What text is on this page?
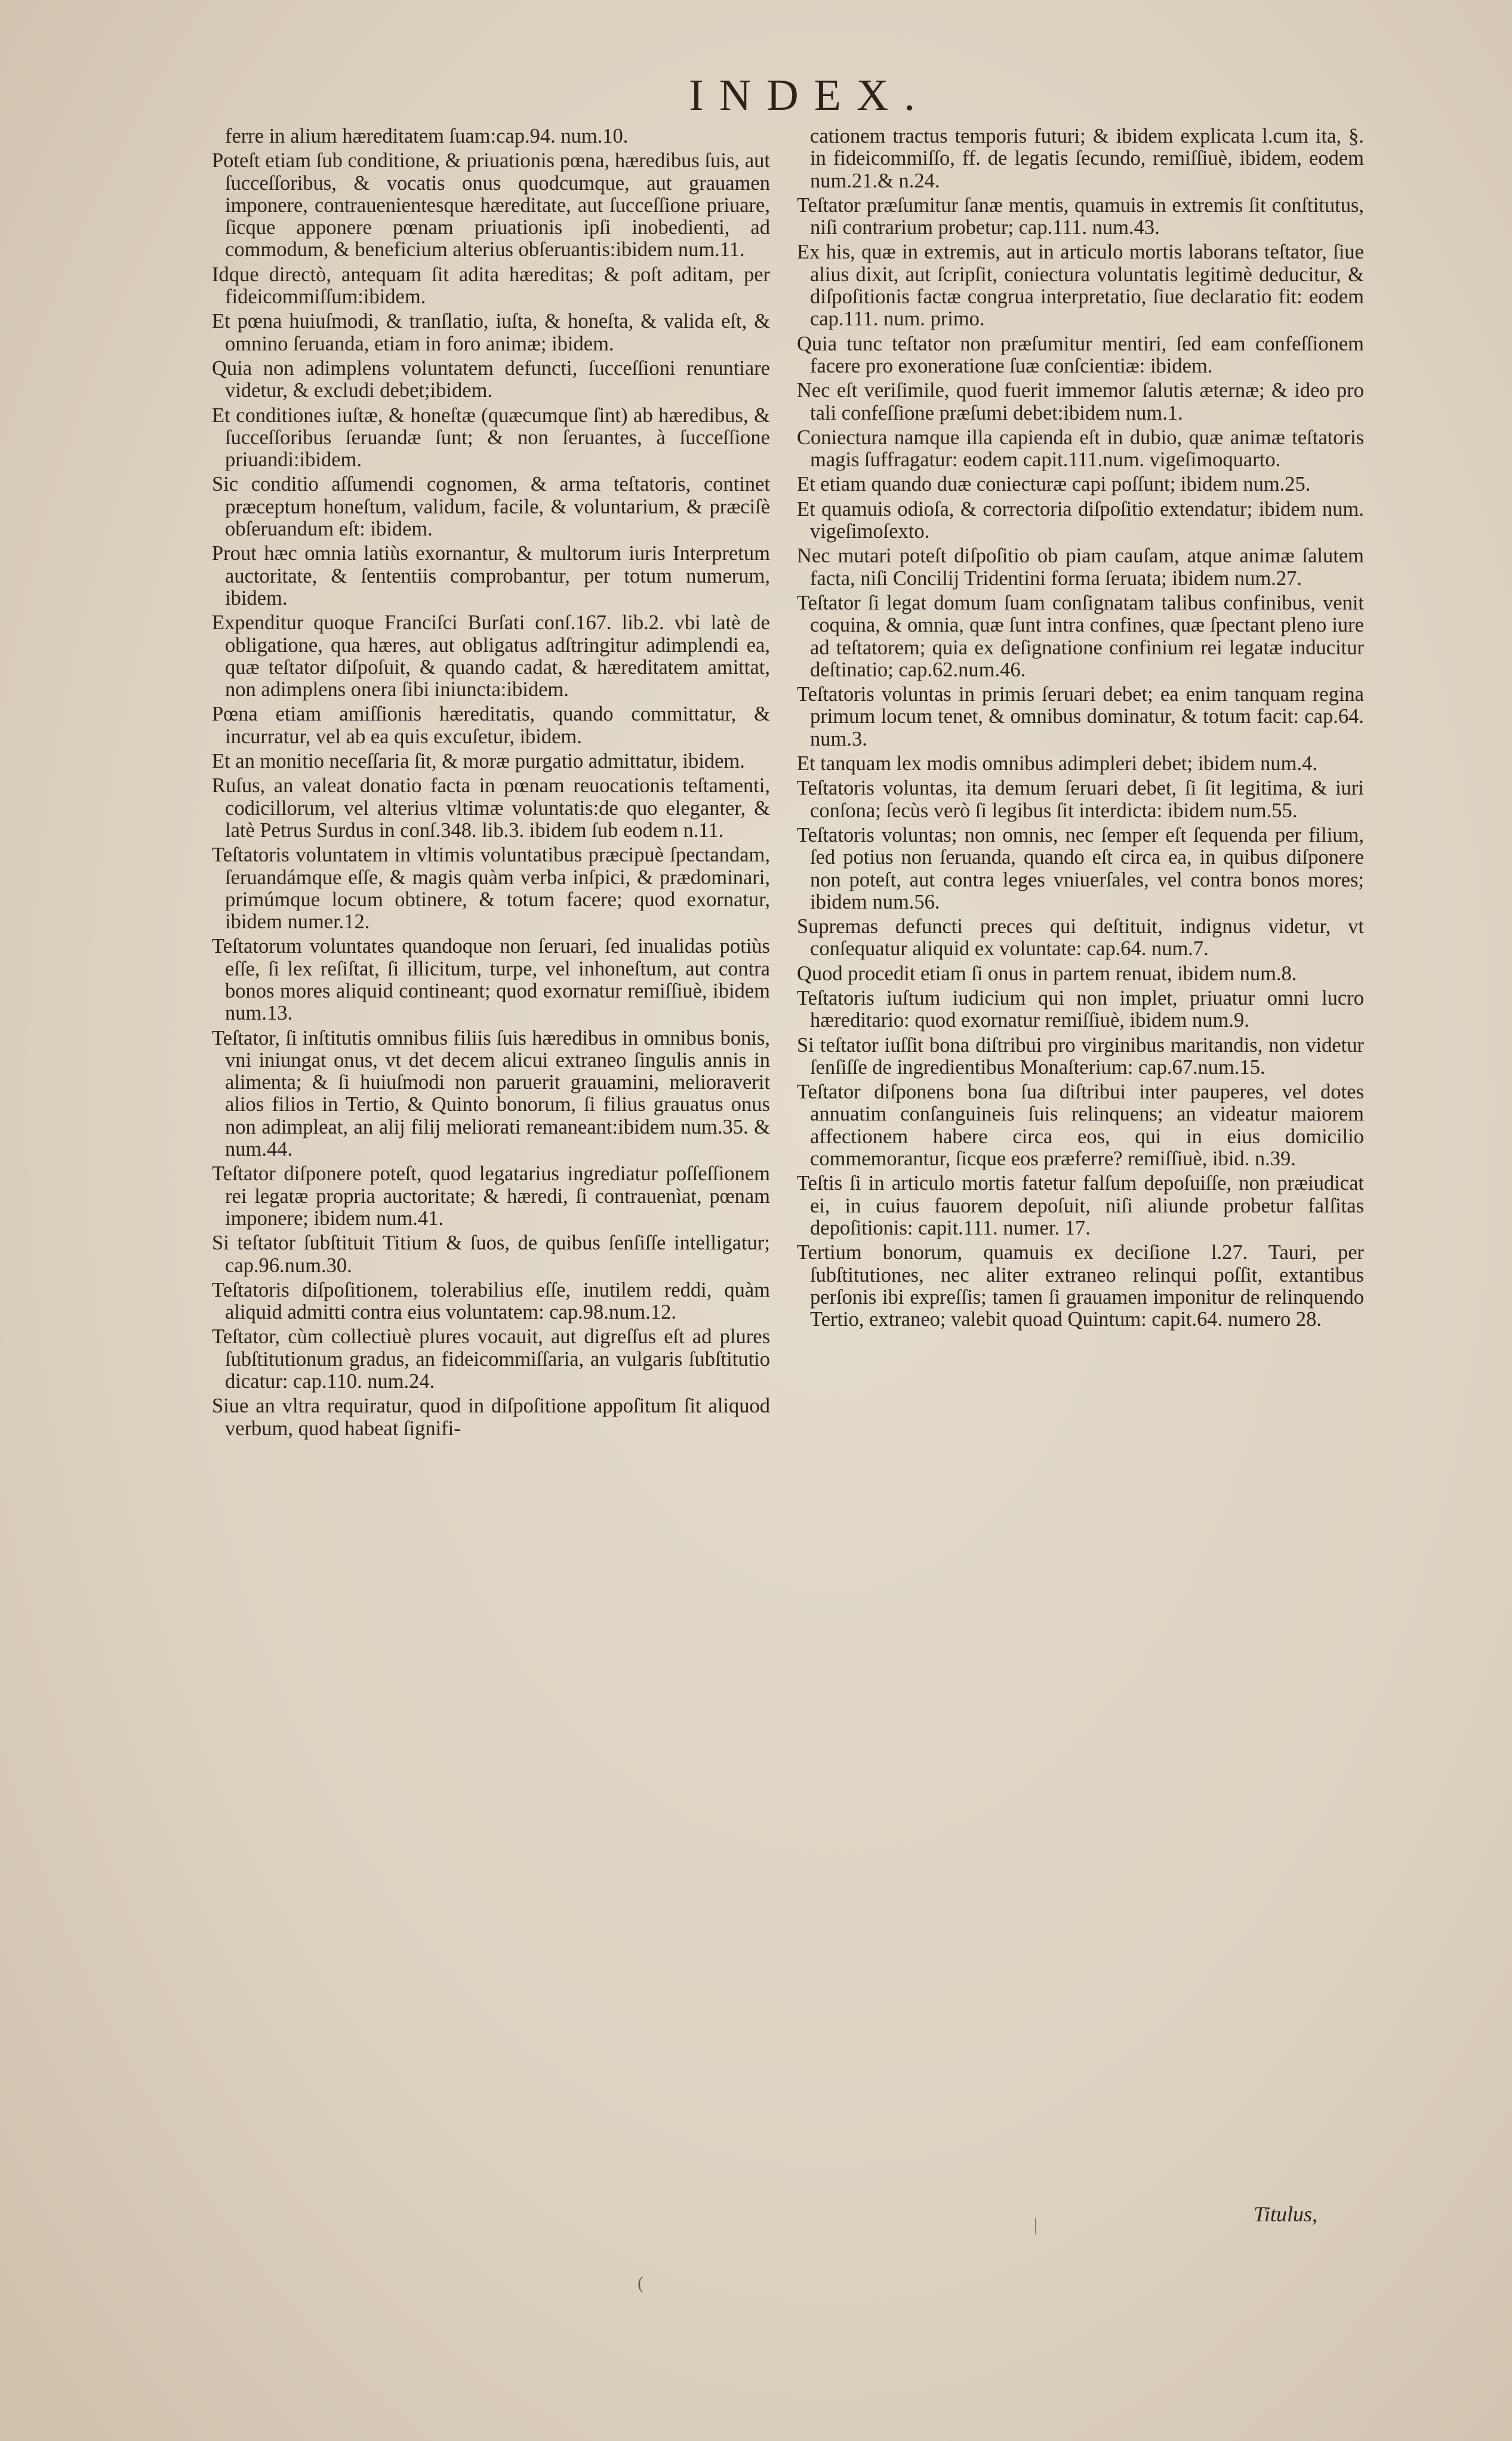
INDEX.

ferre in alium hæreditatem ſuam:cap.94. num.10.

Poteſt etiam ſub conditione, & priuationis pœna, hæredibus ſuis, aut ſucceſſoribus, & vocatis onus quodcumque, aut grauamen imponere, contrauenientesque hæreditate, aut ſucceſſione priuare, ſicque apponere pœnam priuationis ipſi inobedienti, ad commodum, & beneficium alterius obſeruantis:ibidem num.11.

Idque directò, antequam ſit adita hæreditas; & poſt aditam, per fideicommiſſum:ibidem.

Et pœna huiuſmodi, & tranſlatio, iuſta, & honeſta, & valida eſt, & omnino ſeruanda, etiam in foro animæ; ibidem.

Quia non adimplens voluntatem defuncti, ſucceſſioni renuntiare videtur, & excludi debet;ibidem.

Et conditiones iuſtæ, & honeſtæ (quæcumque ſint) ab hæredibus, & ſucceſſoribus ſeruandæ ſunt; & non ſeruantes, à ſucceſſione priuandi:ibidem.

Sic conditio aſſumendi cognomen, & arma teſtatoris, continet præceptum honeſtum, validum, facile, & voluntarium, & præciſè obſeruandum eſt: ibidem.

Prout hæc omnia latiùs exornantur, & multorum iuris Interpretum auctoritate, & ſententiis comprobantur, per totum numerum, ibidem.

Expenditur quoque Franciſci Burſati conſ.167. lib.2. vbi latè de obligatione, qua hæres, aut obligatus adſtringitur adimplendi ea, quæ teſtator diſpoſuit, & quando cadat, & hæreditatem amittat, non adimplens onera ſibi iniuncta:ibidem.

Pœna etiam amiſſionis hæreditatis, quando committatur, & incurratur, vel ab ea quis excuſetur, ibidem.

Et an monitio neceſſaria ſit, & moræ purgatio admittatur, ibidem.

Ruſus, an valeat donatio facta in pœnam reuocationis teſtamenti, codicillorum, vel alterius vltimæ voluntatis:de quo eleganter, & latè Petrus Surdus in conſ.348. lib.3. ibidem ſub eodem n.11.

Teſtatoris voluntatem in vltimis voluntatibus præcipuè ſpectandam, ſeruandámque eſſe, & magis quàm verba inſpici, & prædominari, primúmque locum obtinere, & totum facere; quod exornatur, ibidem numer.12.

Teſtatorum voluntates quandoque non ſeruari, ſed inualidas potiùs eſſe, ſi lex reſiſtat, ſi illicitum, turpe, vel inhoneſtum, aut contra bonos mores aliquid contineant; quod exornatur remiſſiuè, ibidem num.13.

Teſtator, ſi inſtitutis omnibus filiis ſuis hæredibus in omnibus bonis, vni iniungat onus, vt det decem alicui extraneo ſingulis annis in alimenta; & ſi huiuſmodi non paruerit grauamini, melioraverit alios filios in Tertio, & Quinto bonorum, ſi filius grauatus onus non adimpleat, an alij filij meliorati remaneant:ibidem num.35. & num.44.

Teſtator diſponere poteſt, quod legatarius ingrediatur poſſeſſionem rei legatæ propria auctoritate; & hæredi, ſi contrauenìat, pœnam imponere; ibidem num.41.

Si teſtator ſubſtituit Titium & ſuos, de quibus ſenſiſſe intelligatur; cap.96.num.30.

Teſtatoris diſpoſitionem, tolerabilius eſſe, inutilem reddi, quàm aliquid admitti contra eius voluntatem: cap.98.num.12.

Teſtator, cùm collectiuè plures vocauit, aut digreſſus eſt ad plures ſubſtitutionum gradus, an fideicommiſſaria, an vulgaris ſubſtitutio dicatur: cap.110. num.24.

Siue an vltra requiratur, quod in diſpoſitione appoſitum ſit aliquod verbum, quod habeat ſignifi-

cationem tractus temporis futuri; & ibidem explicata l.cum ita, §. in fideicommiſſo, ff. de legatis ſecundo, remiſſiuè, ibidem, eodem num.21.& n.24.

Teſtator præſumitur ſanæ mentis, quamuis in extremis ſit conſtitutus, niſi contrarium probetur; cap.111. num.43.

Ex his, quæ in extremis, aut in articulo mortis laborans teſtator, ſiue alius dixit, aut ſcripſit, coniectura voluntatis legitimè deducitur, & diſpoſitionis factæ congrua interpretatio, ſiue declaratio fit: eodem cap.111. num. primo.

Quia tunc teſtator non præſumitur mentiri, ſed eam confeſſionem facere pro exoneratione ſuæ conſcientiæ: ibidem.

Nec eſt veriſimile, quod fuerit immemor ſalutis æternæ; & ideo pro tali confeſſione præſumi debet:ibidem num.1.

Coniectura namque illa capienda eſt in dubio, quæ animæ teſtatoris magis ſuffragatur: eodem capit.111.num. vigeſimoquarto.

Et etiam quando duæ coniecturæ capi poſſunt; ibidem num.25.

Et quamuis odioſa, & correctoria diſpoſitio extendatur; ibidem num. vigeſimoſexto.

Nec mutari poteſt diſpoſitio ob piam cauſam, atque animæ ſalutem facta, niſi Concilij Tridentini forma ſeruata; ibidem num.27.

Teſtator ſi legat domum ſuam conſignatam talibus confinibus, venit coquina, & omnia, quæ ſunt intra confines, quæ ſpectant pleno iure ad teſtatorem; quia ex deſignatione confinium rei legatæ inducitur deſtinatio; cap.62.num.46.

Teſtatoris voluntas in primis ſeruari debet; ea enim tanquam regina primum locum tenet, & omnibus dominatur, & totum facit: cap.64. num.3.

Et tanquam lex modis omnibus adimpleri debet; ibidem num.4.

Teſtatoris voluntas, ita demum ſeruari debet, ſi ſit legitima, & iuri conſona; ſecùs verò ſi legibus ſit interdicta: ibidem num.55.

Teſtatoris voluntas; non omnis, nec ſemper eſt ſequenda per filium, ſed potius non ſeruanda, quando eſt circa ea, in quibus diſponere non poteſt, aut contra leges vniuerſales, vel contra bonos mores; ibidem num.56.

Supremas defuncti preces qui deſtituit, indignus videtur, vt conſequatur aliquid ex voluntate: cap.64. num.7.

Quod procedit etiam ſi onus in partem renuat, ibidem num.8.

Teſtatoris iuſtum iudicium qui non implet, priuatur omni lucro hæreditario: quod exornatur remiſſiuè, ibidem num.9.

Si teſtator iuſſit bona diſtribui pro virginibus maritandis, non videtur ſenſiſſe de ingredientibus Monaſterium: cap.67.num.15.

Teſtator diſponens bona ſua diſtribui inter pauperes, vel dotes annuatim conſanguineis ſuis relinquens; an videatur maiorem affectionem habere circa eos, qui in eius domicilio commemorantur, ſicque eos præferre? remiſſiuè, ibid. n.39.

Teſtis ſi in articulo mortis fatetur falſum depoſuiſſe, non præiudicat ei, in cuius fauorem depoſuit, niſi aliunde probetur falſitas depoſitionis: capit.111. numer. 17.

Tertium bonorum, quamuis ex deciſione l.27. Tauri, per ſubſtitutiones, nec aliter extraneo relinqui poſſit, extantibus perſonis ibi expreſſis; tamen ſi grauamen imponitur de relinquendo Tertio, extraneo; valebit quoad Quintum: capit.64. numero 28.

Titulus,
|
(
